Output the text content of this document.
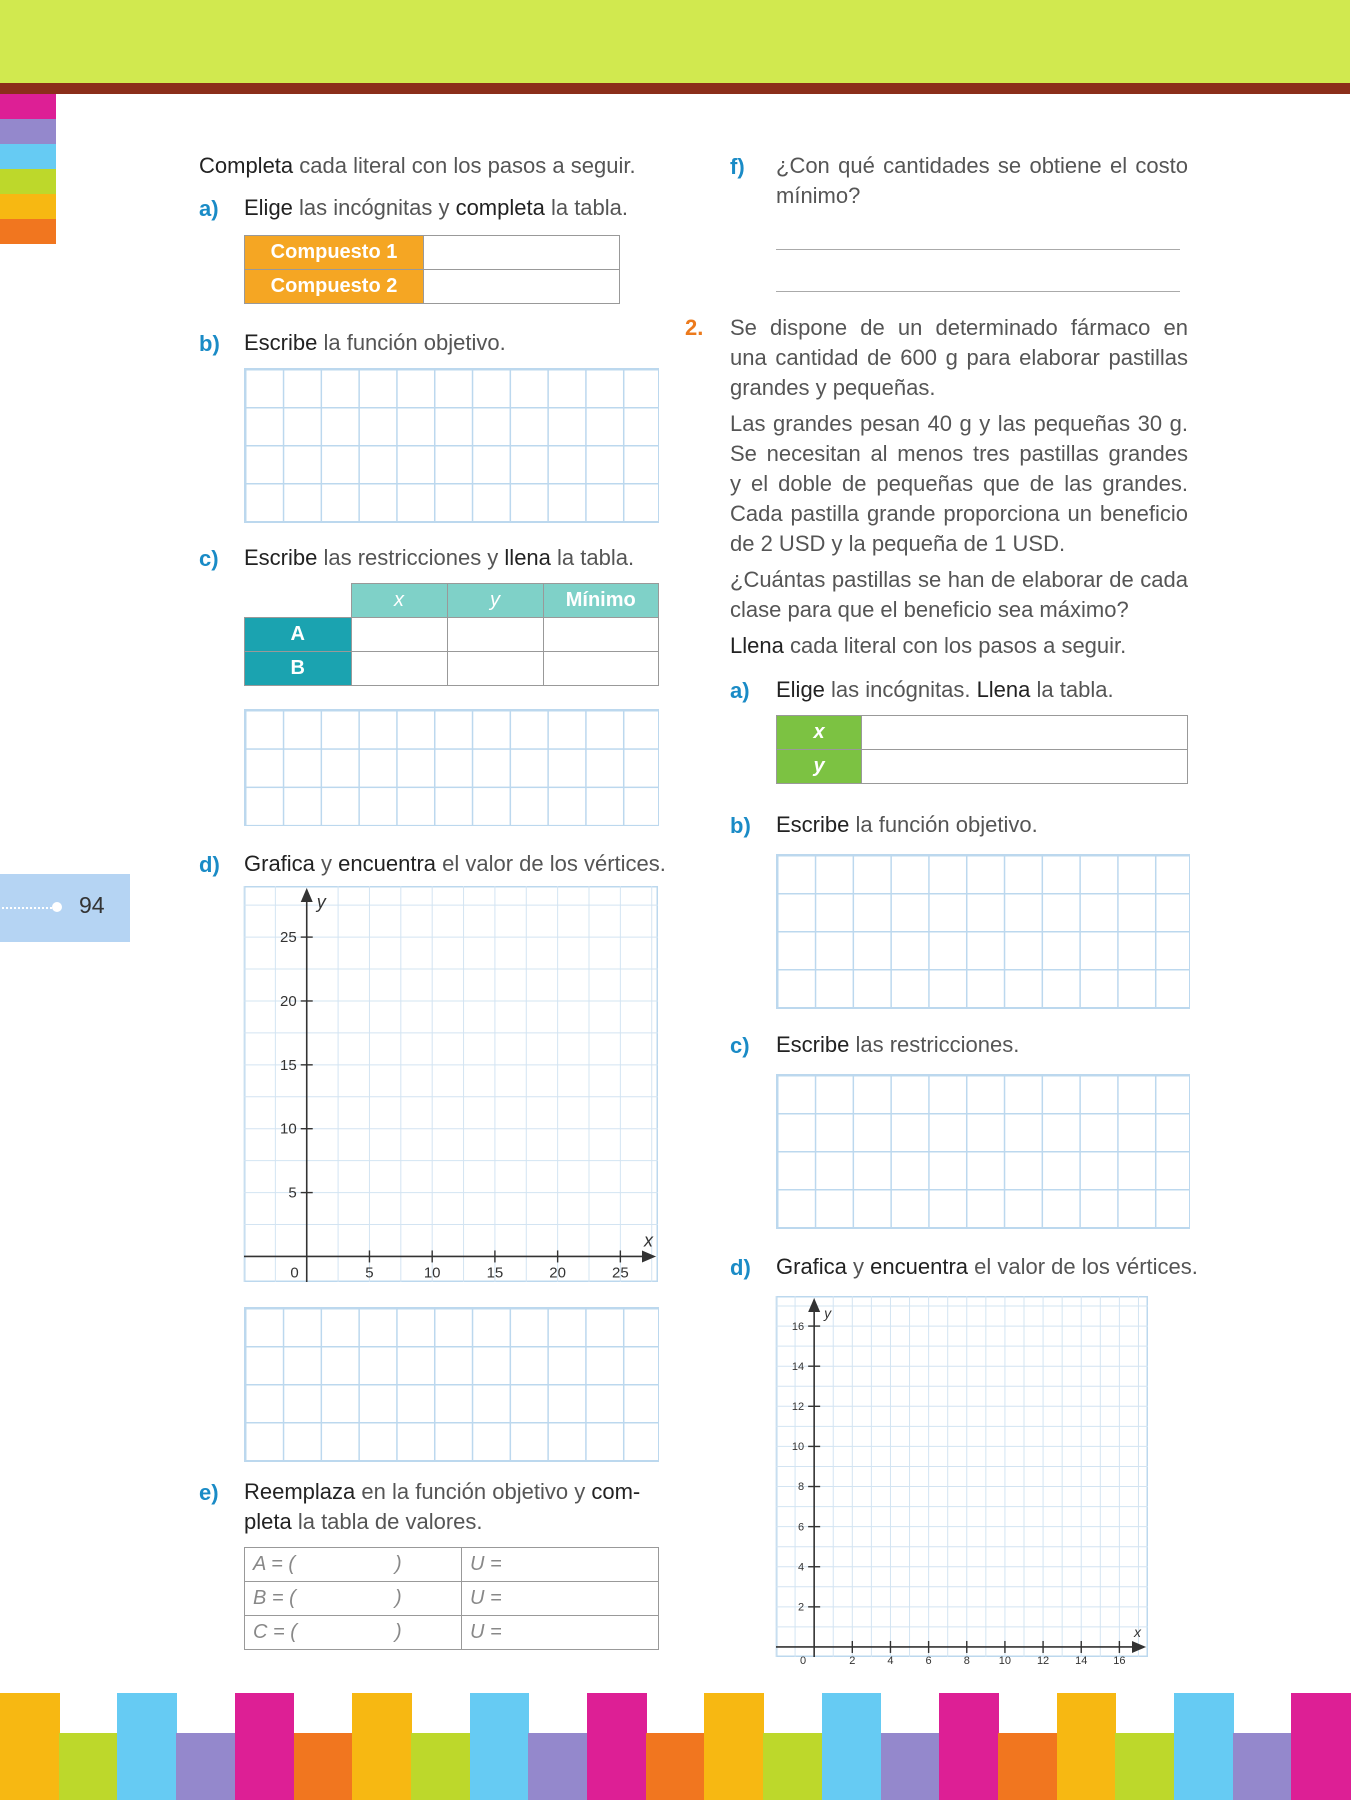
94
Completa cada literal con los pasos a seguir.
a) Elige las incógnitas y completa la tabla.
Compuesto 1	
Compuesto 2	
b) Escribe la función objetivo.
c) Escribe las restricciones y llena la tabla.
	x	y	Mínimo
A			
B			
d) Grafica y encuentra el valor de los vértices.
5	10	15	20	25
5
10
15
20
25
0
x
y
e) Reemplaza en la función objetivo y com-
pleta la tabla de valores.
A = ( )	U =
B = ( )	U =
C = ( )	U =
f) ¿Con qué cantidades se obtiene el costo
mínimo?
2. Se dispone de un determinado fármaco en
una cantidad de 600 g para elaborar pastillas
grandes y pequeñas.
Las grandes pesan 40 g y las pequeñas 30 g.
Se necesitan al menos tres pastillas grandes
y el doble de pequeñas que de las grandes.
Cada pastilla grande proporciona un beneficio
de 2 USD y la pequeña de 1 USD.
¿Cuántas pastillas se han de elaborar de cada
clase para que el beneficio sea máximo?
Llena cada literal con los pasos a seguir.
a) Elige las incógnitas. Llena la tabla.
x	
y	
b) Escribe la función objetivo.
c) Escribe las restricciones.
d) Grafica y encuentra el valor de los vértices.
2	4	6	8	10 12 14 16
2
4
6
8
10
12
14
16
0
x
y
